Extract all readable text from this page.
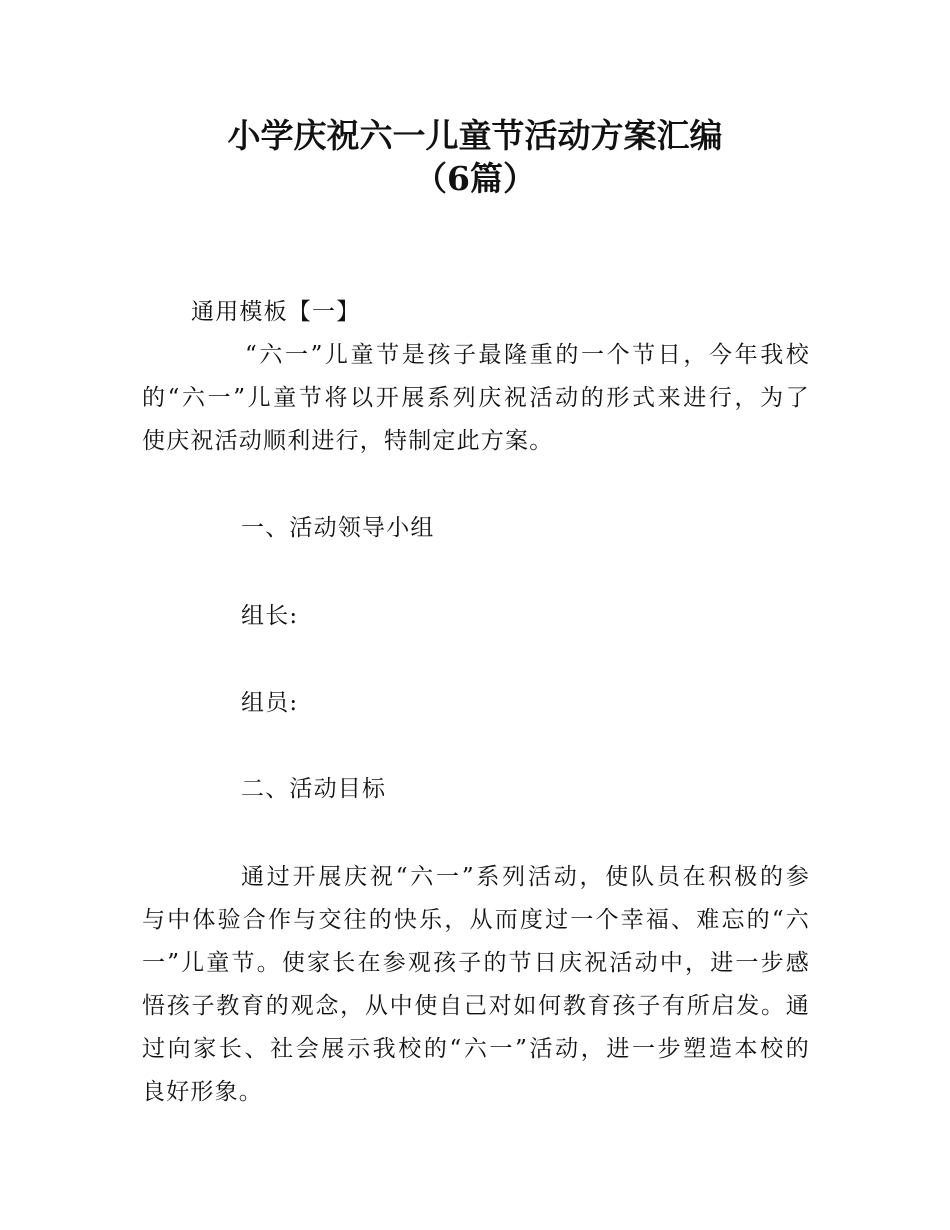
小学庆祝六一儿童节活动方案汇编
（6篇）
通用模板【一】
“六一”儿童节是孩子最隆重的一个节日，今年我校
的“六一”儿童节将以开展系列庆祝活动的形式来进行，为了
使庆祝活动顺利进行，特制定此方案。
一、活动领导小组
组长:
组员:
二、活动目标
通过开展庆祝“六一”系列活动，使队员在积极的参
与中体验合作与交往的快乐，从而度过一个幸福、难忘的“六
一”儿童节。使家长在参观孩子的节日庆祝活动中，进一步感
悟孩子教育的观念，从中使自己对如何教育孩子有所启发。通
过向家长、社会展示我校的“六一”活动，进一步塑造本校的
良好形象。
